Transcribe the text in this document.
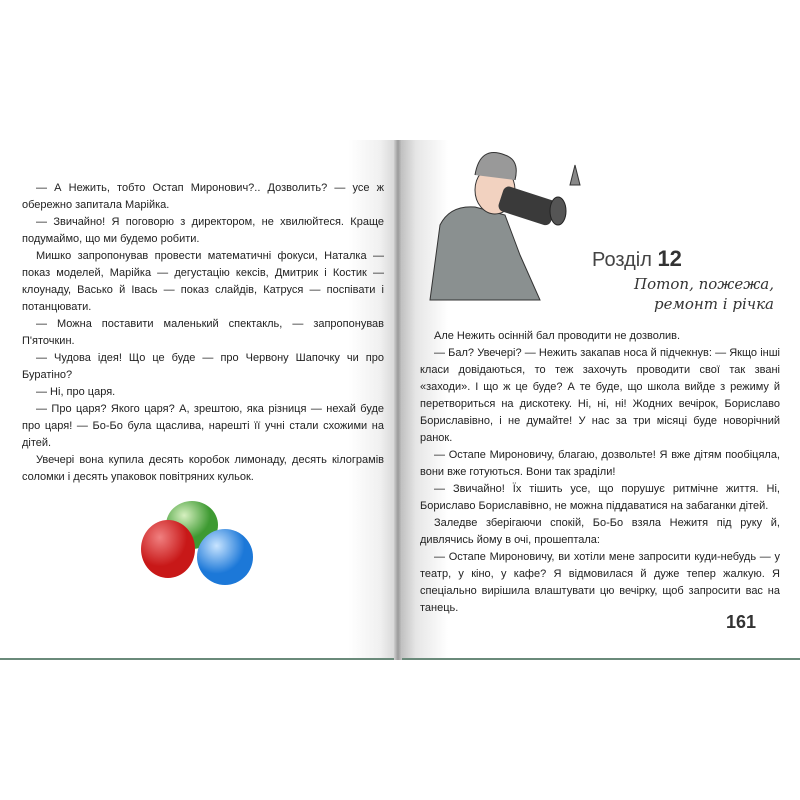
— А Нежить, тобто Остап Миронович?.. Дозволить? — усе ж обережно запитала Марійка.

— Звичайно! Я поговорю з директором, не хвилюйтеся. Краще подумаймо, що ми будемо робити.

Мишко запропонував провести математичні фокуси, Наталка — показ моделей, Марійка — дегустацію кексів, Дмитрик і Костик — клоунаду, Васько й Івась — показ слайдів, Катруся — поспівати і потанцювати.

— Можна поставити маленький спектакль, — запропонував П'яточкин.

— Чудова ідея! Що це буде — про Червону Шапочку чи про Буратіно?

— Ні, про царя.

— Про царя? Якого царя? А, зрештою, яка різниця — нехай буде про царя! — Бо-Бо була щаслива, нарешті її учні стали схожими на дітей.

Увечері вона купила десять коробок лимонаду, десять кілограмів соломки і десять упаковок повітряних кульок.

Розділ 12
Потоп, пожежа, ремонт і річка

Але Нежить осінній бал проводити не дозволив.

— Бал? Увечері? — Нежить закапав носа й підчекнув: — Якщо інші класи довідаються, то теж захочуть проводити свої так звані «заходи». І що ж це буде? А те буде, що школа вийде з режиму й перетвориться на дискотеку. Ні, ні, ні! Жодних вечірок, Бориславо Бориславівно, і не думайте! У нас за три місяці буде новорічний ранок.

— Остапе Мироновичу, благаю, дозвольте! Я вже дітям пообіцяла, вони вже готуються. Вони так зраділи!

— Звичайно! Їх тішить усе, що порушує ритмічне життя. Ні, Бориславо Бориславівно, не можна піддаватися на забаганки дітей.

Заледве зберігаючи спокій, Бо-Бо взяла Нежитя під руку й, дивлячись йому в очі, прошептала:

— Остапе Мироновичу, ви хотіли мене запросити куди-небудь — у театр, у кіно, у кафе? Я відмовилася й дуже тепер жалкую. Я спеціально вирішила влаштувати цю вечірку, щоб запросити вас на танець.

161
